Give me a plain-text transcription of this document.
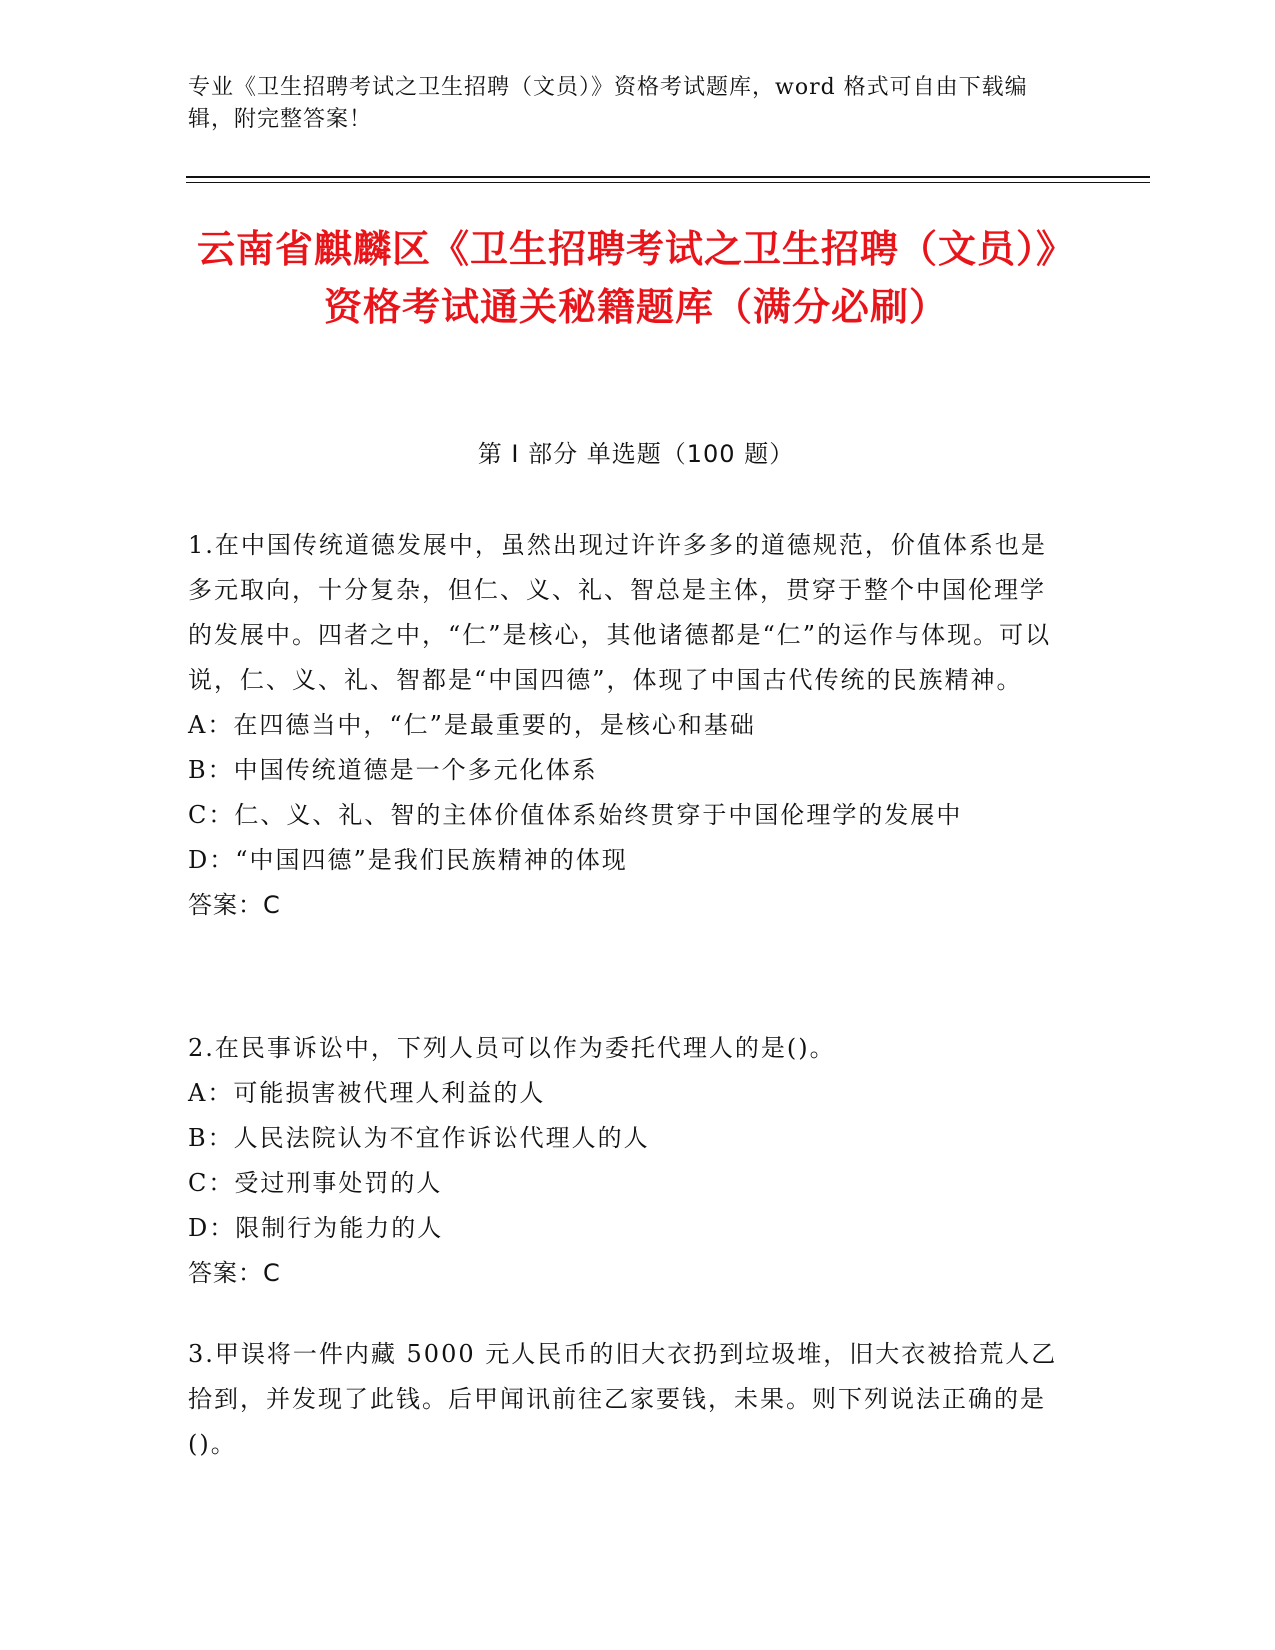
专业《卫生招聘考试之卫生招聘（文员）》资格考试题库，word 格式可自由下载编辑，附完整答案！
云南省麒麟区《卫生招聘考试之卫生招聘（文员）》资格考试通关秘籍题库（满分必刷）
第 I 部分 单选题（100 题）
1.在中国传统道德发展中，虽然出现过许许多多的道德规范，价值体系也是多元取向，十分复杂，但仁、义、礼、智总是主体，贯穿于整个中国伦理学的发展中。四者之中，“仁”是核心，其他诸德都是“仁”的运作与体现。可以说，仁、义、礼、智都是“中国四德”，体现了中国古代传统的民族精神。
A：在四德当中，“仁”是最重要的，是核心和基础
B：中国传统道德是一个多元化体系
C：仁、义、礼、智的主体价值体系始终贯穿于中国伦理学的发展中
D：“中国四德”是我们民族精神的体现
答案：C
2.在民事诉讼中，下列人员可以作为委托代理人的是()。
A：可能损害被代理人利益的人
B：人民法院认为不宜作诉讼代理人的人
C：受过刑事处罚的人
D：限制行为能力的人
答案：C
3.甲误将一件内藏 5000 元人民币的旧大衣扔到垃圾堆，旧大衣被拾荒人乙拾到，并发现了此钱。后甲闻讯前往乙家要钱，未果。则下列说法正确的是()。
